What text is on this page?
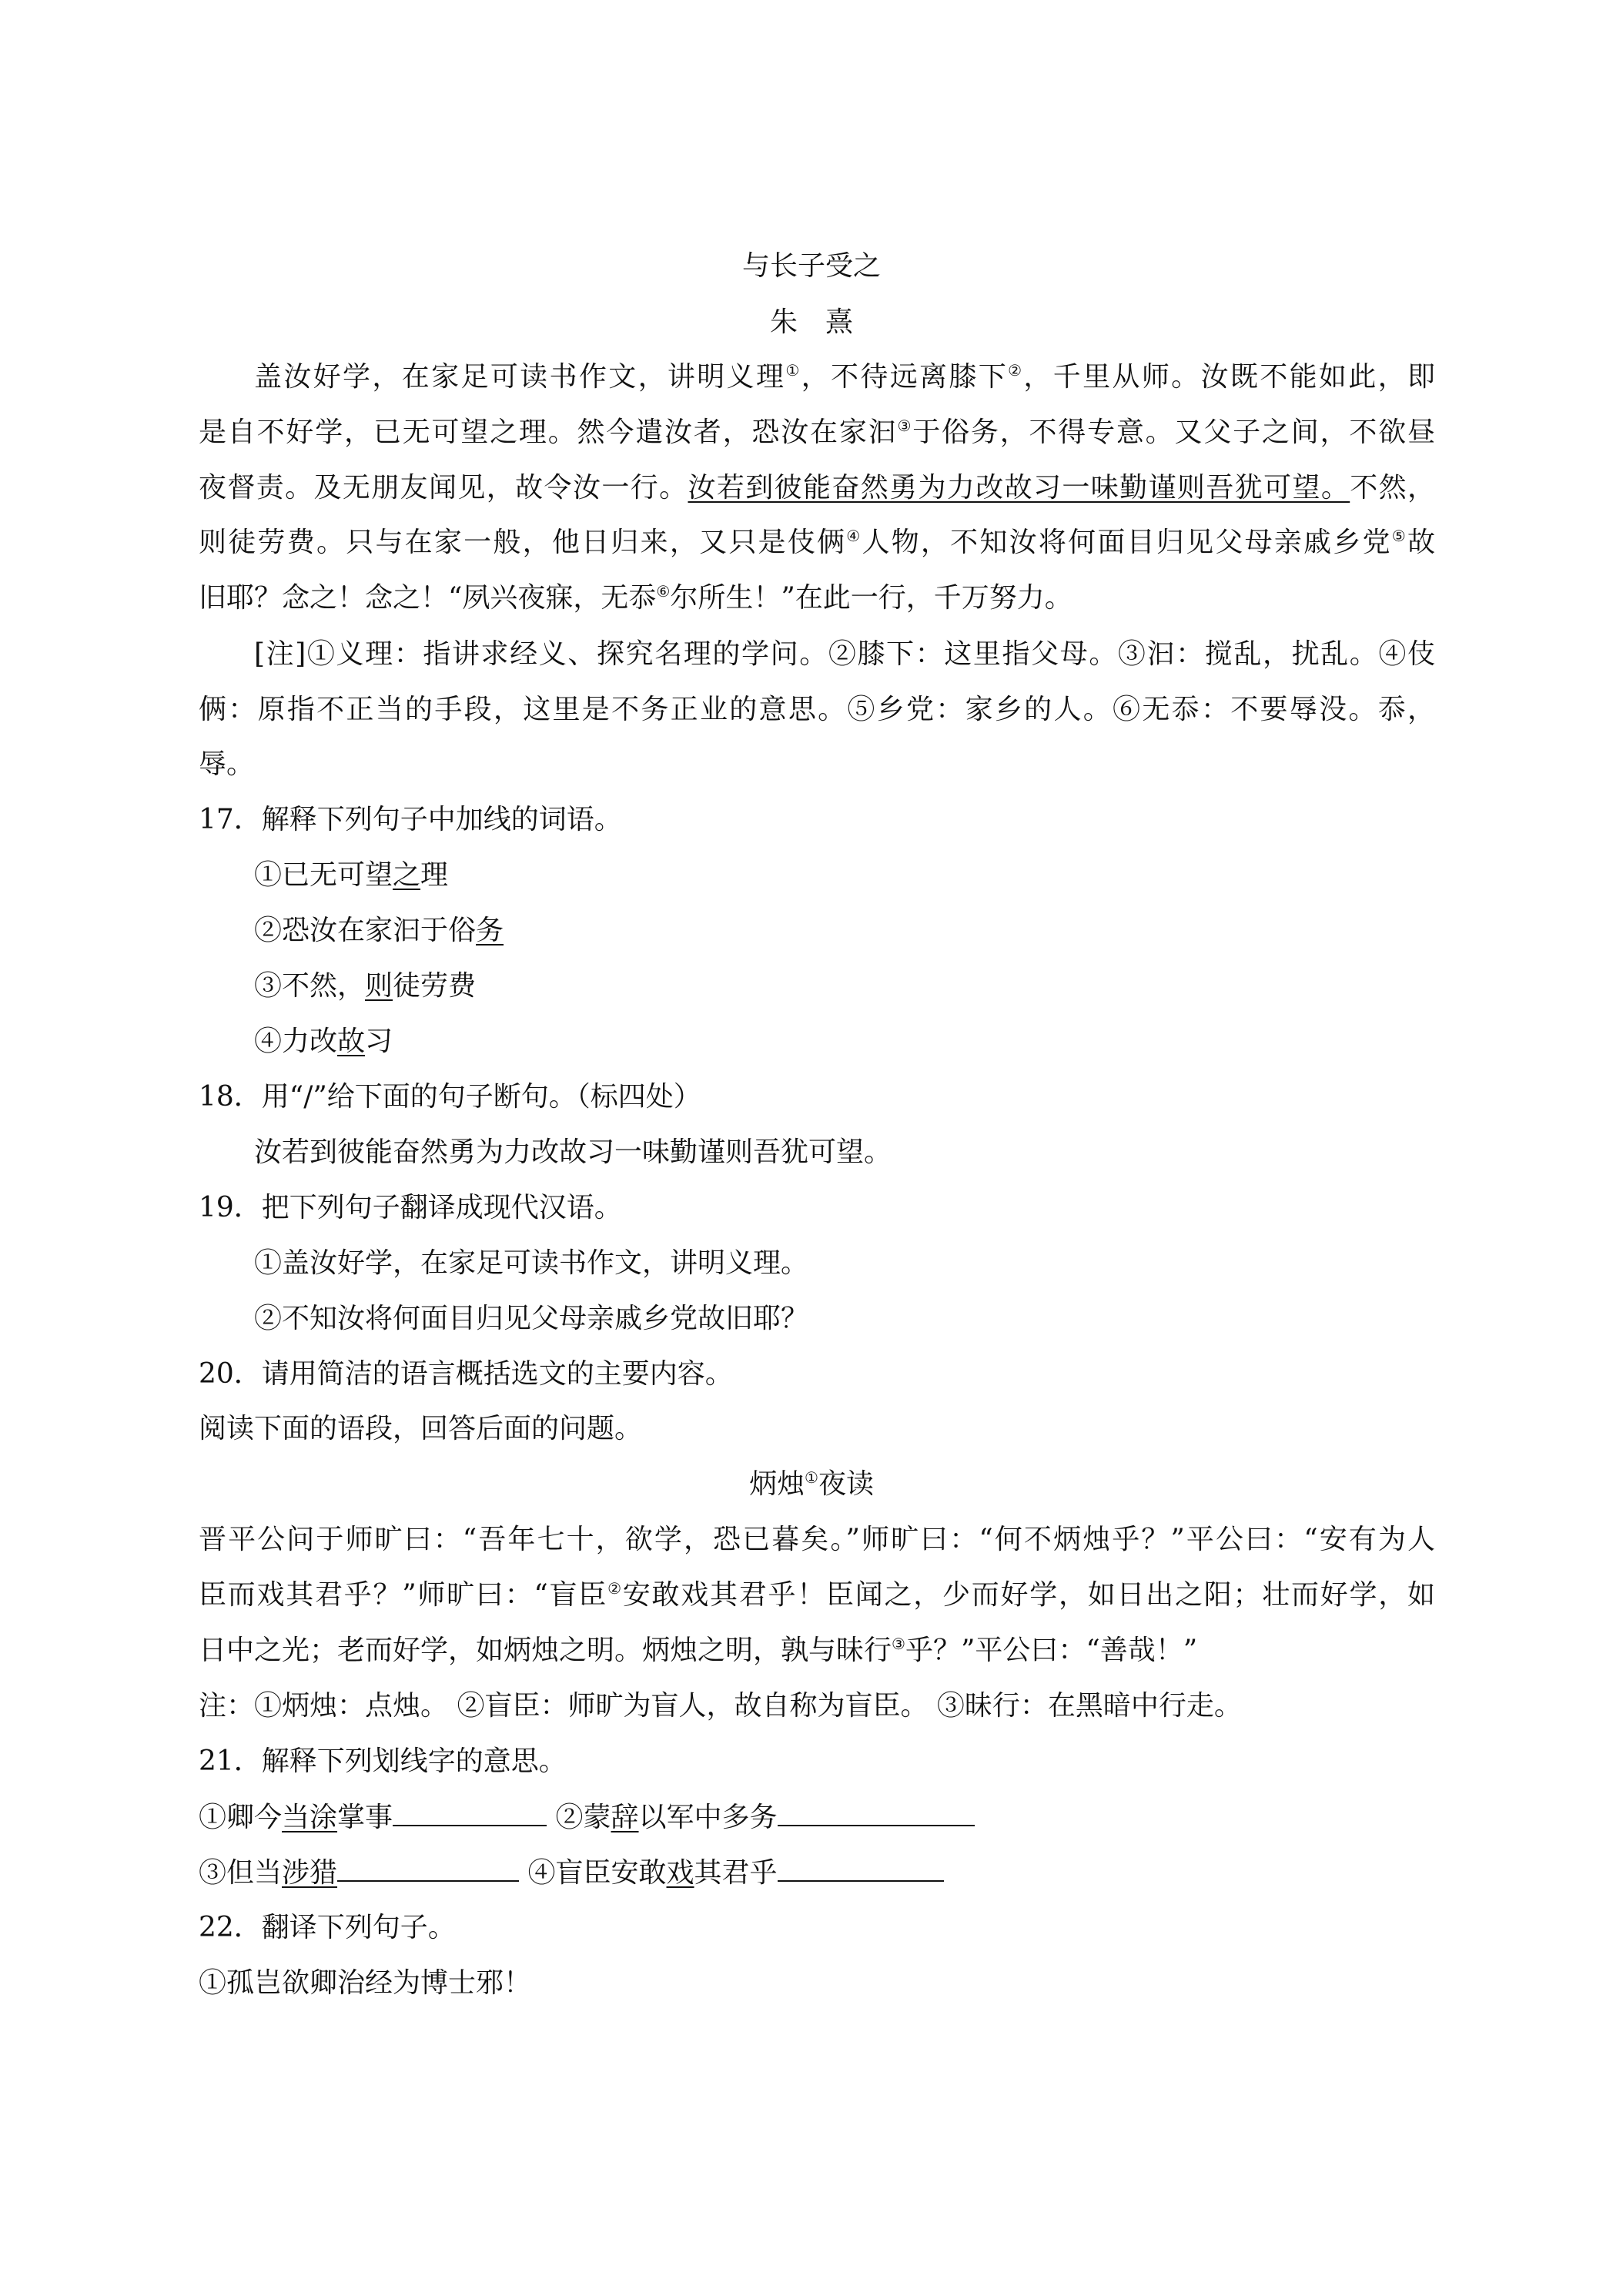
与长子受之
朱　熹
盖汝好学，在家足可读书作文，讲明义理①，不待远离膝下②，千里从师。汝既不能如此，即
是自不好学，已无可望之理。然今遣汝者，恐汝在家汩③于俗务，不得专意。又父子之间，不欲昼
夜督责。及无朋友闻见，故令汝一行。汝若到彼能奋然勇为力改故习一味勤谨则吾犹可望。不然，
则徒劳费。只与在家一般，他日归来，又只是伎俩④人物，不知汝将何面目归见父母亲戚乡党⑤故
旧耶？念之！念之！“夙兴夜寐，无忝⑥尔所生！”在此一行，千万努力。
[注]①义理：指讲求经义、探究名理的学问。②膝下：这里指父母。③汩：搅乱，扰乱。④伎
俩：原指不正当的手段，这里是不务正业的意思。⑤乡党：家乡的人。⑥无忝：不要辱没。忝，
辱。
17．解释下列句子中加线的词语。
①已无可望之理
②恐汝在家汩于俗务
③不然，则徒劳费
④力改故习
18．用“/”给下面的句子断句。（标四处）
汝若到彼能奋然勇为力改故习一味勤谨则吾犹可望。
19．把下列句子翻译成现代汉语。
①盖汝好学，在家足可读书作文，讲明义理。
②不知汝将何面目归见父母亲戚乡党故旧耶？
20．请用简洁的语言概括选文的主要内容。
阅读下面的语段，回答后面的问题。
炳烛①夜读
晋平公问于师旷曰：“吾年七十，欲学，恐已暮矣。”师旷曰：“何不炳烛乎？”平公曰：“安有为人
臣而戏其君乎？”师旷曰：“盲臣②安敢戏其君乎！臣闻之，少而好学，如日出之阳；壮而好学，如
日中之光；老而好学，如炳烛之明。炳烛之明，孰与昧行③乎？”平公曰：“善哉！”
注：①炳烛：点烛。 ②盲臣：师旷为盲人，故自称为盲臣。 ③昧行：在黑暗中行走。
21．解释下列划线字的意思。
①卿今当涂掌事	②蒙辞以军中多务
③但当涉猎	④盲臣安敢戏其君乎
22．翻译下列句子。
①孤岂欲卿治经为博士邪！
